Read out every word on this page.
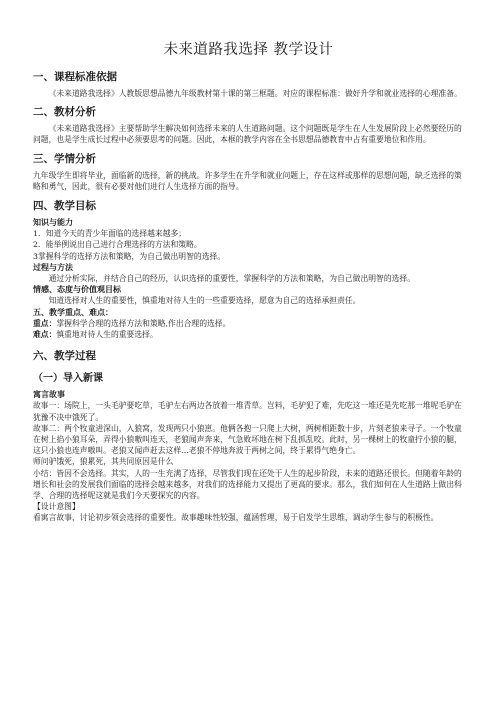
未来道路我选择 教学设计
一、课程标准依据

《未来道路我选择》人教版思想品德九年级教材第十课的第三框题。对应的课程标准：做好升学和就业选择的心理准备。

二、教材分析

《未来道路我选择》主要帮助学生解决如何选择未来的人生道路问题。这个问题既是学生在人生发展阶段上必然要经历的问题，也是学生成长过程中必须要思考的问题。因此，本框的教学内容在全书思想品德教育中占有重要地位和作用。

三、学情分析

九年级学生即将毕业，面临新的选择，新的挑战。许多学生在升学和就业问题上，存在这样或那样的思想问题，缺乏选择的策略和勇气，因此，很有必要对他们进行人生选择方面的指导。

四、教学目标
知识与能力

1．知道今天的青少年面临的选择越来越多；

2．能举例说出自己进行合理选择的方法和策略。

3掌握科学的选择方法和策略，为自己做出明智的选择。

过程与方法

通过分析实际，并结合自己的经历，认识选择的重要性，掌握科学的方法和策略，为自己做出明智的选择。

情感、态度与价值观目标

知道选择对人生的重要性，慎重地对待人生的一些重要选择，愿意为自己的选择承担责任。

五、教学重点、难点：

重点：掌握科学合理的选择方法和策略,作出合理的选择。

难点：慎重地对待人生的重要选择。

六、教学过程
（一）导入新课
寓言故事

故事一：场院上，一头毛驴要吃草，毛驴左右两边各放着一堆青草。岂料，毛驴犯了难，先吃这一堆还是先吃那一堆呢毛驴在犹豫不决中饿死了。

故事二：两个牧童进深山，入狼窝，发现两只小狼崽。他俩各抱一只爬上大树，两树相距数十步，片刻老狼来寻子。一个牧童在树上掐小狼耳朵，弄得小狼嗷叫连天，老狼闻声奔来，气急败坏地在树下乱抓乱咬。此时，另一棵树上的牧童拧小狼的腿，这只小狼也连声嗷叫。老狼又闻声赶去这样…老狼不停地奔波于两树之间，终于累得气绝身亡。

师问驴饿死，狼累死，其共同原因是什么

小结：皆因不会选择。其实，人的一生充满了选择，尽管我们现在还处于人生的起步阶段，未来的道路还很长。但随着年龄的增长和社会的发展我们面临的选择会越来越多，对我们的选择能力又提出了更高的要求。那么，我们如何在人生道路上做出科学、合理的选择呢这就是我们今天要探究的内容。

【设计意图】

看寓言故事，讨论初步领会选择的重要性。故事趣味性较强，蕴涵哲理，易于启发学生思维，调动学生参与的积极性。
